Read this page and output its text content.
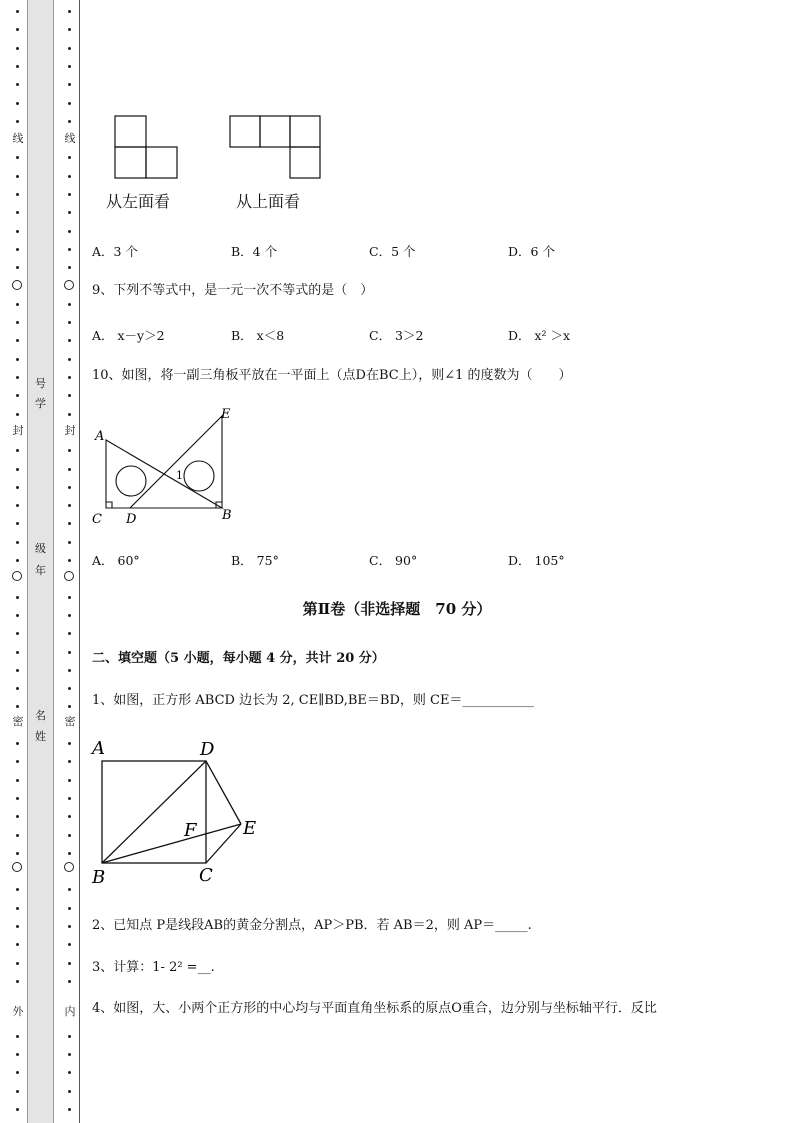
线
封
密
外
号
学
级
年
名
姓
线
封
密
内
从左面看	从上面看
A．3 个	B．4 个	C．5 个	D．6 个
9、下列不等式中，是一元一次不等式的是（　）
A． x－y＞2	B． x＜8	C． 3＞2	D． x² ＞x
10、如图，将一副三角板平放在一平面上（点D在BC上），则∠1 的度数为（　　）
A
E
C D	B
1
A． 60°	B． 75°	C． 90°	D． 105°
第Ⅱ卷（非选择题　70 分）
二、填空题（5 小题，每小题 4 分，共计 20 分）
1、如图，正方形 ABCD 边长为 2, CE∥BD,BE＝BD，则 CE＝___________
A	D
F	E
B	C
2、已知点 P是线段AB的黄金分割点，AP＞PB．若 AB＝2，则 AP＝_____.
3、计算：1- 2² =__.
4、如图，大、小两个正方形的中心均与平面直角坐标系的原点O重合，边分别与坐标轴平行．反比
